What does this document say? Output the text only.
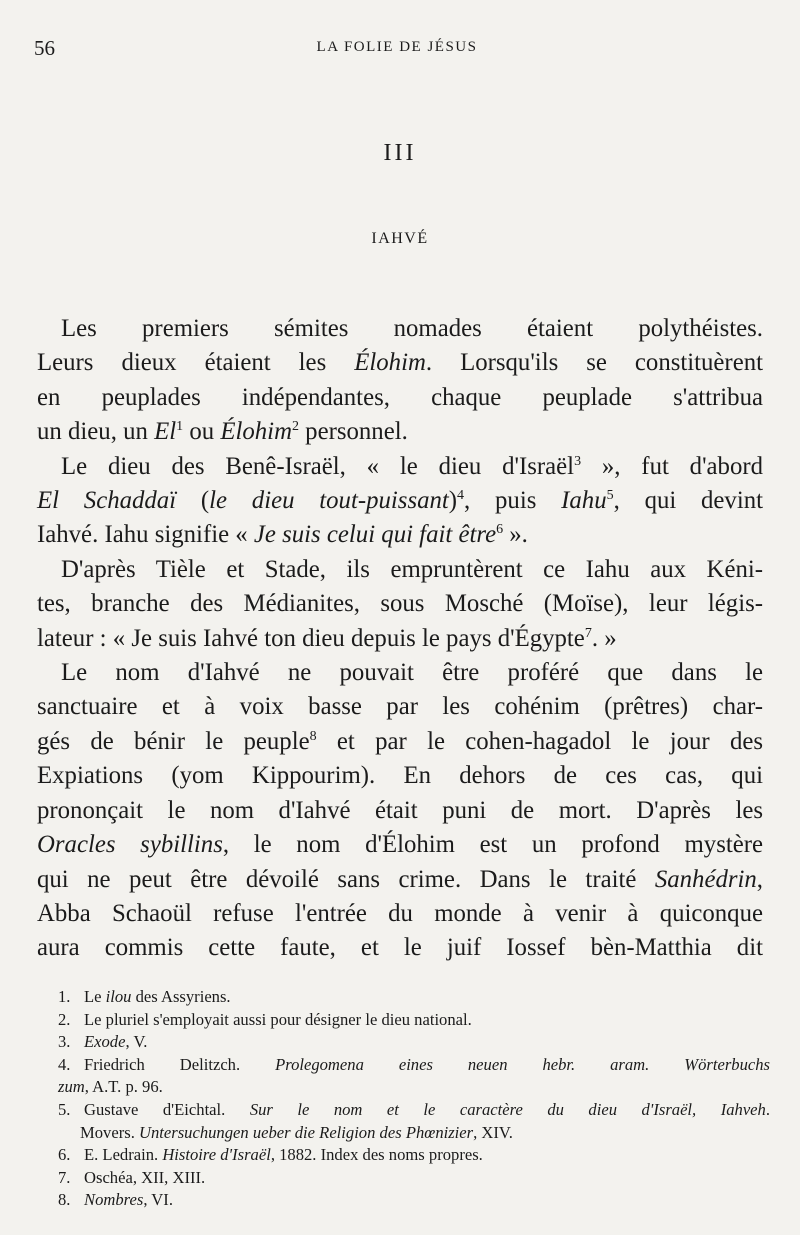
56	LA FOLIE DE JÉSUS
III
IAHVÉ
Les premiers sémites nomades étaient polythéistes.
Leurs dieux étaient les Élohim. Lorsqu'ils se constituèrent
en peuplades indépendantes, chaque peuplade s'attribua
un dieu, un El$^1$ ou Élohim$^2$ personnel.
Le dieu des Benê-Israël, « le dieu d'Israël$^3$ », fut d'abord
El Schaddaï (le dieu tout-puissant)$^4$, puis Iahu$^5$, qui devint
Iahvé. Iahu signifie « Je suis celui qui fait être$^6$ ».
D'après Tièle et Stade, ils empruntèrent ce Iahu aux Kéni-
tes, branche des Médianites, sous Mosché (Moïse), leur légis-
lateur : « Je suis Iahvé ton dieu depuis le pays d'Égypte$^7$. »
Le nom d'Iahvé ne pouvait être proféré que dans le
sanctuaire et à voix basse par les cohénim (prêtres) char-
gés de bénir le peuple$^8$ et par le cohen-hagadol le jour des
Expiations (yom Kippourim). En dehors de ces cas, qui
prononçait le nom d'Iahvé était puni de mort. D'après les
Oracles sybillins, le nom d'Élohim est un profond mystère
qui ne peut être dévoilé sans crime. Dans le traité Sanhédrin,
Abba Schaoül refuse l'entrée du monde à venir à quiconque
aura commis cette faute, et le juif Iossef bèn-Matthia dit
1. Le ilou des Assyriens.
2. Le pluriel s'employait aussi pour désigner le dieu national.
3. Exode, V.
4. Friedrich Delitzch. Prolegomena eines neuen hebr. aram. Wörterbuchs
zum, A.T. p. 96.
5. Gustave d'Eichtal. Sur le nom et le caractère du dieu d'Israël, Iahveh.
Movers. Untersuchungen ueber die Religion des Phœnizier, XIV.
6. E. Ledrain. Histoire d'Israël, 1882. Index des noms propres.
7. Oschéa, XII, XIII.
8. Nombres, VI.
